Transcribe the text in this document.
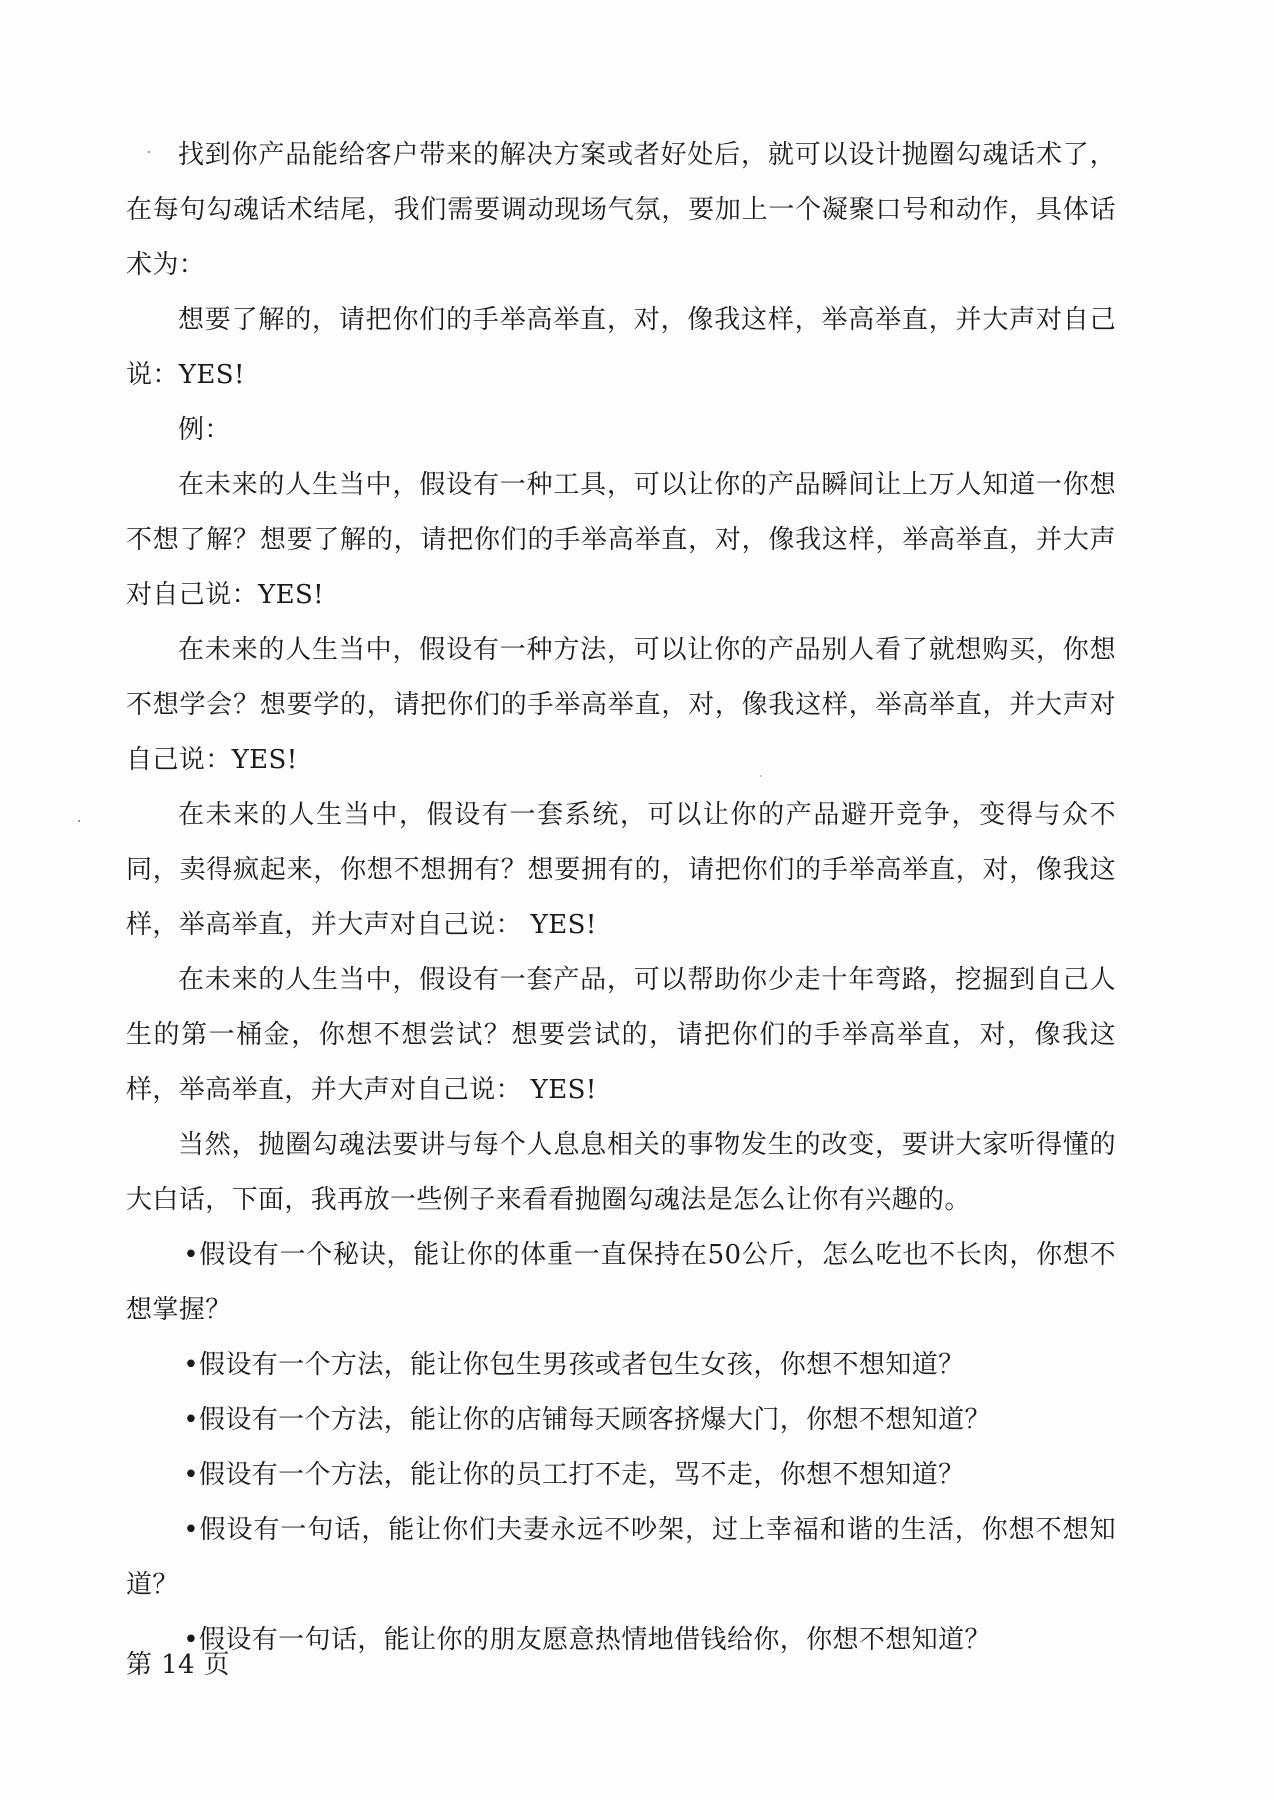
找到你产品能给客户带来的解决方案或者好处后，就可以设计抛圈勾魂话术了，在每句勾魂话术结尾，我们需要调动现场气氛，要加上一个凝聚口号和动作，具体话术为：

想要了解的，请把你们的手举高举直，对，像我这样，举高举直，并大声对自己说：YES!

例：

在未来的人生当中，假设有一种工具，可以让你的产品瞬间让上万人知道一你想不想了解？想要了解的，请把你们的手举高举直，对，像我这样，举高举直，并大声对自己说：YES!

在未来的人生当中，假设有一种方法，可以让你的产品别人看了就想购买，你想不想学会？想要学的，请把你们的手举高举直，对，像我这样，举高举直，并大声对自己说：YES!

在未来的人生当中，假设有一套系统，可以让你的产品避开竞争，变得与众不同，卖得疯起来，你想不想拥有？想要拥有的，请把你们的手举高举直，对，像我这样，举高举直，并大声对自己说： YES!

在未来的人生当中，假设有一套产品，可以帮助你少走十年弯路，挖掘到自己人生的第一桶金，你想不想尝试？想要尝试的，请把你们的手举高举直，对，像我这样，举高举直，并大声对自己说： YES!

当然，抛圈勾魂法要讲与每个人息息相关的事物发生的改变，要讲大家听得懂的大白话，下面，我再放一些例子来看看抛圈勾魂法是怎么让你有兴趣的。

•假设有一个秘诀，能让你的体重一直保持在50公斤，怎么吃也不长肉，你想不想掌握？

•假设有一个方法，能让你包生男孩或者包生女孩，你想不想知道？

•假设有一个方法，能让你的店铺每天顾客挤爆大门，你想不想知道？

•假设有一个方法，能让你的员工打不走，骂不走，你想不想知道？

•假设有一句话，能让你们夫妻永远不吵架，过上幸福和谐的生活，你想不想知道？

•假设有一句话，能让你的朋友愿意热情地借钱给你，你想不想知道？

第 14 页
